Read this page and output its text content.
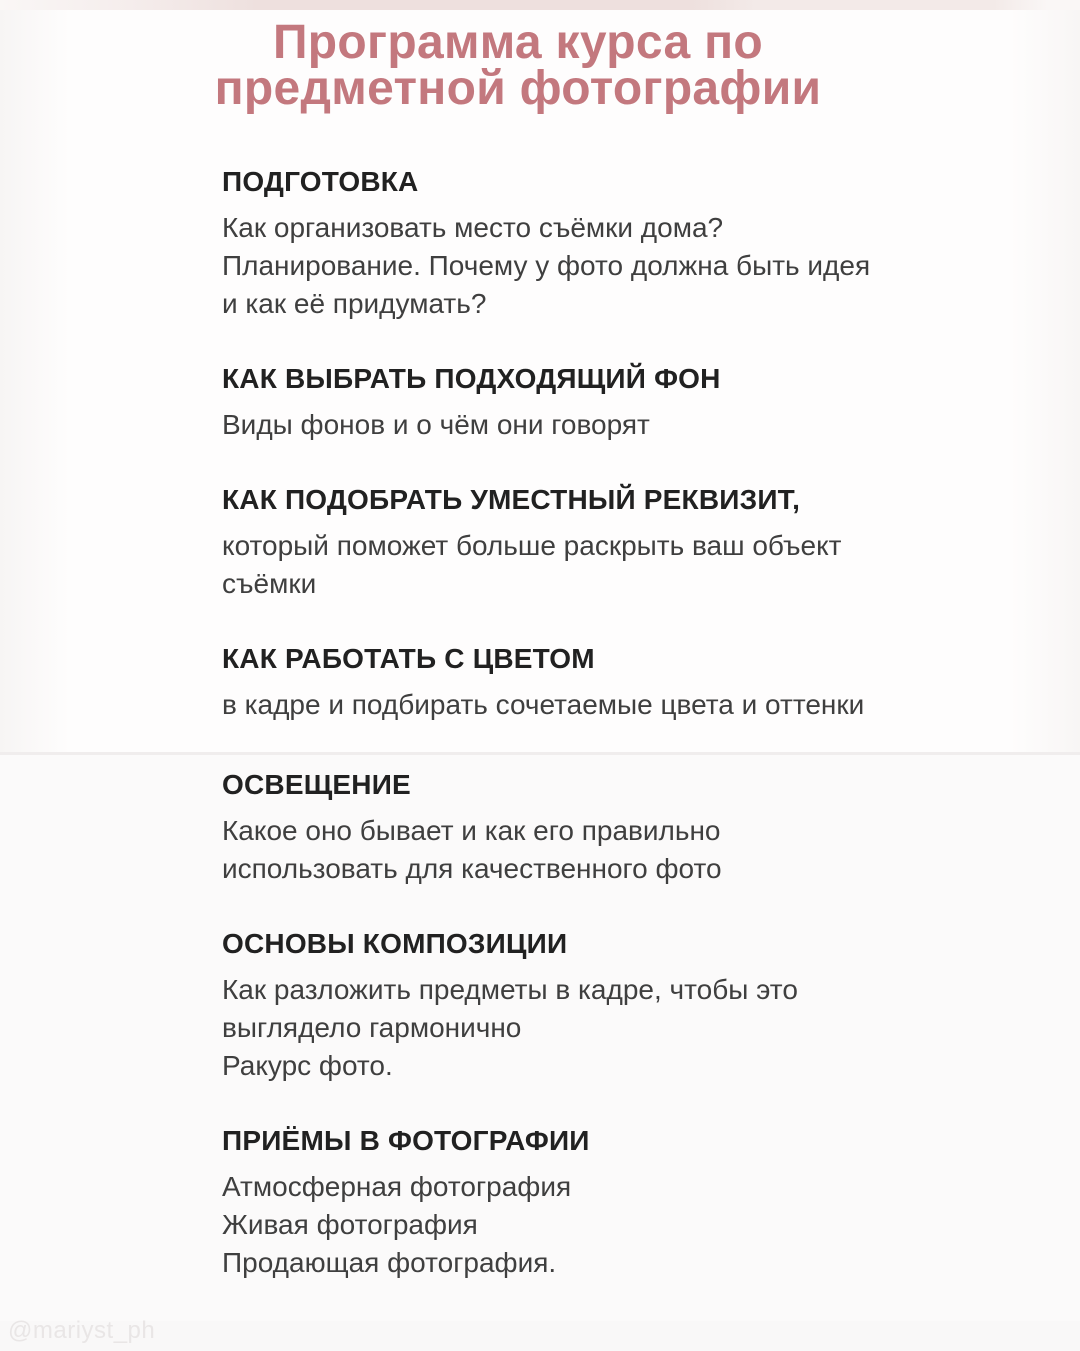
Программа курса по
предметной фотографии
ПОДГОТОВКА
Как организовать место съёмки дома?
Планирование. Почему у фото должна быть идея
и как её придумать?
КАК ВЫБРАТЬ ПОДХОДЯЩИЙ ФОН
Виды фонов и о чём они говорят
КАК ПОДОБРАТЬ УМЕСТНЫЙ РЕКВИЗИТ,
который поможет больше раскрыть ваш объект
съёмки
КАК РАБОТАТЬ С ЦВЕТОМ
в кадре и подбирать сочетаемые цвета и оттенки
ОСВЕЩЕНИЕ
Какое оно бывает и как его правильно
использовать для качественного фото
ОСНОВЫ КОМПОЗИЦИИ
Как разложить предметы в кадре, чтобы это
выглядело гармонично
Ракурс фото.
ПРИЁМЫ В ФОТОГРАФИИ
Атмосферная фотография
Живая фотография
Продающая фотография.
@mariyst_ph
